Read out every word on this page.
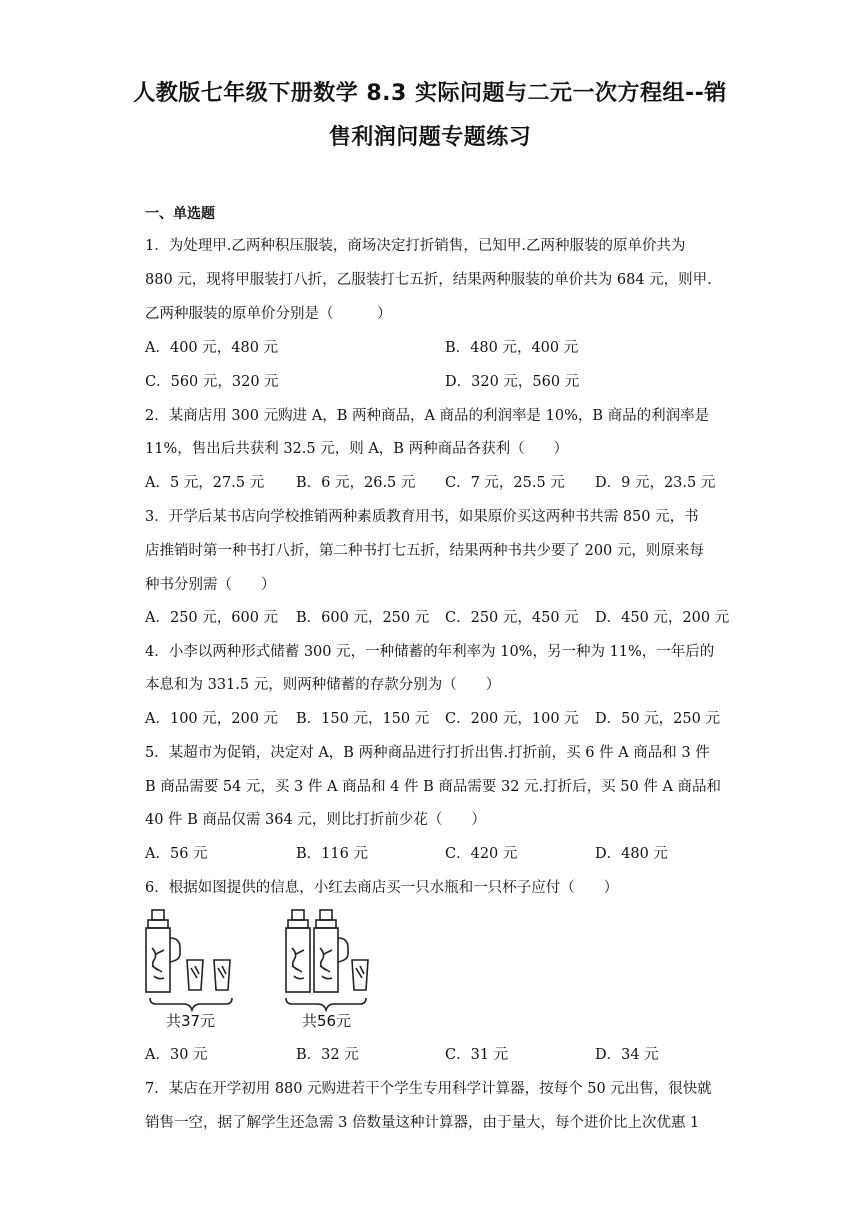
人教版七年级下册数学 8.3 实际问题与二元一次方程组--销
售利润问题专题练习
一、单选题
1．为处理甲.乙两种积压服装，商场决定打折销售，已知甲.乙两种服装的原单价共为
880 元，现将甲服装打八折，乙服装打七五折，结果两种服装的单价共为 684 元，则甲.
乙两种服装的原单价分别是（　　　）
A．400 元，480 元	B．480 元，400 元
C．560 元，320 元	D．320 元，560 元
2．某商店用 300 元购进 A，B 两种商品，A 商品的利润率是 10%，B 商品的利润率是
11%，售出后共获利 32.5 元，则 A，B 两种商品各获利（　　）
A．5 元，27.5 元 B．6 元，26.5 元 C．7 元，25.5 元 D．9 元，23.5 元
3．开学后某书店向学校推销两种素质教育用书，如果原价买这两种书共需 850 元，书
店推销时第一种书打八折，第二种书打七五折，结果两种书共少要了 200 元，则原来每
种书分别需（　　）
A．250 元，600 元 B．600 元，250 元 C．250 元，450 元 D．450 元，200 元
4．小李以两种形式储蓄 300 元，一种储蓄的年利率为 10%，另一种为 11%，一年后的
本息和为 331.5 元，则两种储蓄的存款分别为（　　）
A．100 元，200 元 B．150 元，150 元 C．200 元，100 元 D．50 元，250 元
5．某超市为促销，决定对 A，B 两种商品进行打折出售.打折前，买 6 件 A 商品和 3 件
B 商品需要 54 元，买 3 件 A 商品和 4 件 B 商品需要 32 元.打折后，买 50 件 A 商品和
40 件 B 商品仅需 364 元，则比打折前少花（　　）
A．56 元	B．116 元	C．420 元	D．480 元
6．根据如图提供的信息，小红去商店买一只水瓶和一只杯子应付（　　）
共37元	共56元
A．30 元	B．32 元	C．31 元	D．34 元
7．某店在开学初用 880 元购进若干个学生专用科学计算器，按每个 50 元出售，很快就
销售一空，据了解学生还急需 3 倍数量这种计算器，由于量大，每个进价比上次优惠 1
